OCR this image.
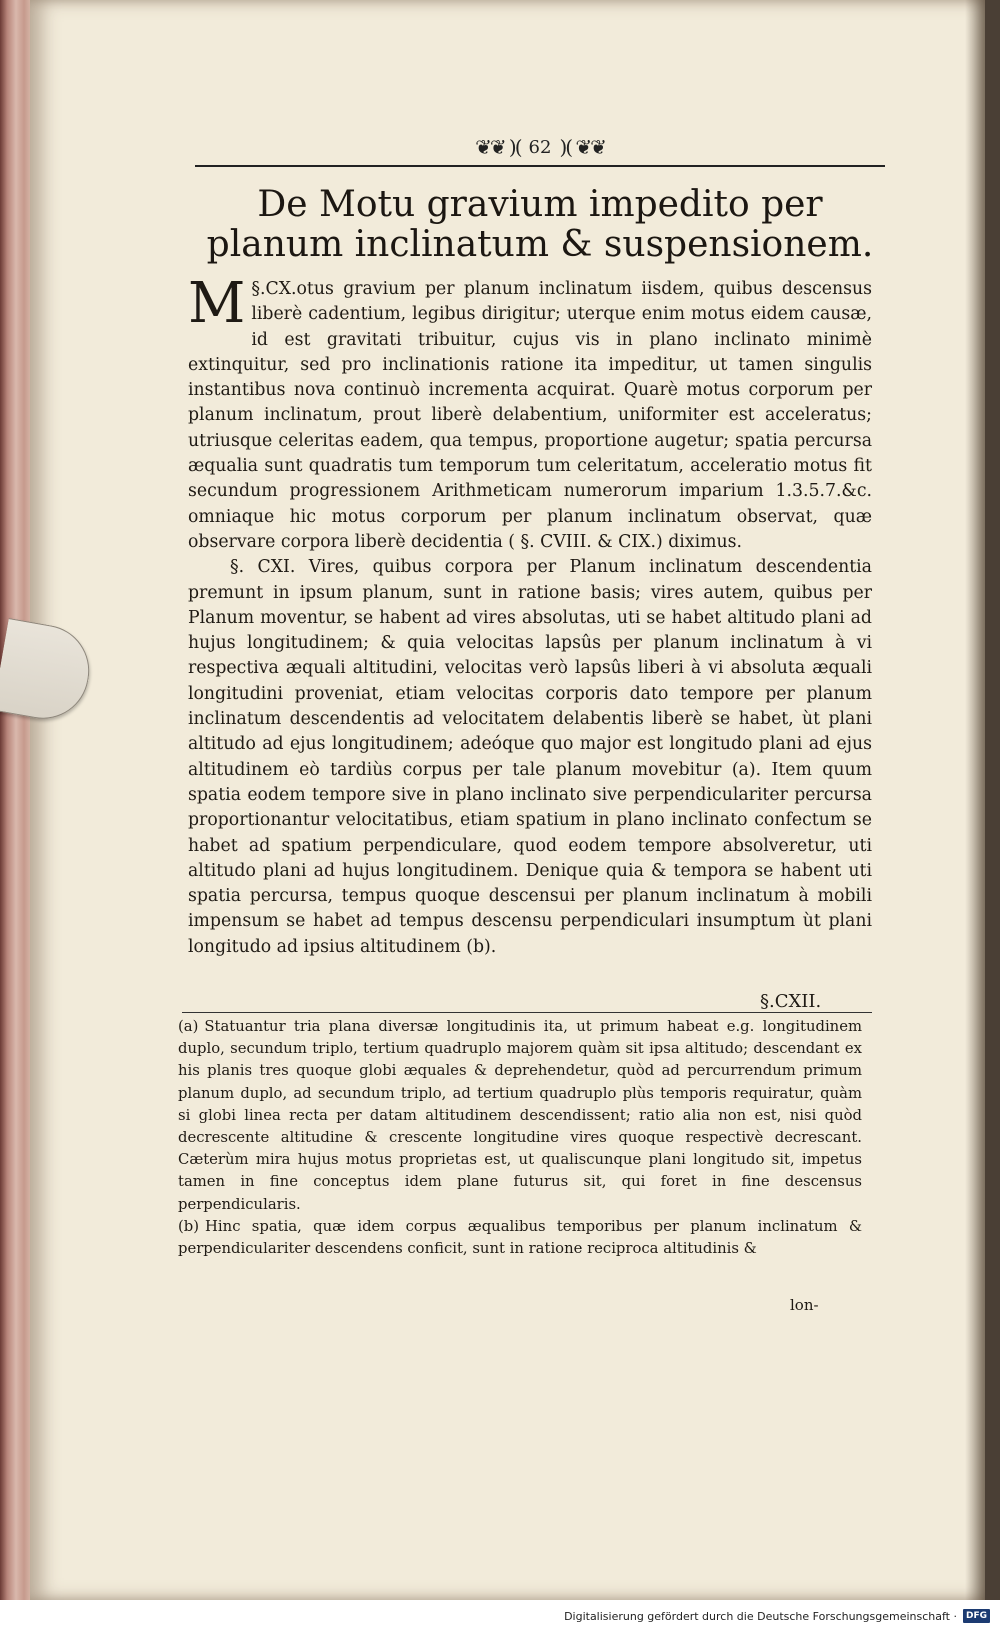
❦❦ )( 62 )( ❦❦
De Motu gravium impedito per planum inclinatum & suspensionem.

§.CX.
M	otus gravium per planum inclinatum iisdem, quibus descensus liberè cadentium, legibus dirigitur; uterque enim motus eidem causæ, id est gravitati tribuitur, cujus vis in plano inclinato minimè extinquitur, sed pro inclinationis ratione ita impeditur, ut tamen singulis instantibus nova continuò incrementa acquirat. Quarè motus corporum per planum inclinatum, prout liberè delabentium, uniformiter est acceleratus; utriusque celeritas eadem, qua tempus, proportione augetur; spatia percursa æqualia sunt quadratis tum temporum tum celeritatum, acceleratio motus fit secundum progressionem Arithmeticam numerorum imparium 1.3.5.7.&c. omniaque hic motus corporum per planum inclinatum observat, quæ observare corpora liberè decidentia ( §. CVIII. & CIX.) diximus.

§. CXI. Vires, quibus corpora per Planum inclinatum descendentia premunt in ipsum planum, sunt in ratione basis; vires autem, quibus per Planum moventur, se habent ad vires absolutas, uti se habet altitudo plani ad hujus longitudinem; & quia velocitas lapsûs per planum inclinatum à vi respectiva æquali altitudini, velocitas verò lapsûs liberi à vi absoluta æquali longitudini proveniat, etiam velocitas corporis dato tempore per planum inclinatum descendentis ad velocitatem delabentis liberè se habet, ùt plani altitudo ad ejus longitudinem; adeóque quo major est longitudo plani ad ejus altitudinem eò tardiùs corpus per tale planum movebitur (a). Item quum spatia eodem tempore sive in plano inclinato sive perpendiculariter percursa proportionantur velocitatibus, etiam spatium in plano inclinato confectum se habet ad spatium perpendiculare, quod eodem tempore absolveretur, uti altitudo plani ad hujus longitudinem. Denique quia & tempora se habent uti spatia percursa, tempus quoque descensui per planum inclinatum à mobili impensum se habet ad tempus descensu perpendiculari insumptum ùt plani longitudo ad ipsius altitudinem (b).

§.CXII.

(a) Statuantur tria plana diversæ longitudinis ita, ut primum habeat e.g. longitudinem duplo, secundum triplo, tertium quadruplo majorem quàm sit ipsa altitudo; descendant ex his planis tres quoque globi æquales & deprehendetur, quòd ad percurrendum primum planum duplo, ad secundum triplo, ad tertium quadruplo plùs temporis requiratur, quàm si globi linea recta per datam altitudinem descendissent; ratio alia non est, nisi quòd decrescente altitudine & crescente longitudine vires quoque respectivè decrescant. Cæterùm mira hujus motus proprietas est, ut qualiscunque plani longitudo sit, impetus tamen in fine conceptus idem plane futurus sit, qui foret in fine descensus perpendicularis.

(b) Hinc spatia, quæ idem corpus æqualibus temporibus per planum inclinatum & perpendiculariter descendens conficit, sunt in ratione reciproca altitudinis &

lon-
Digitalisierung gefördert durch die Deutsche Forschungsgemeinschaft ·	DFG
